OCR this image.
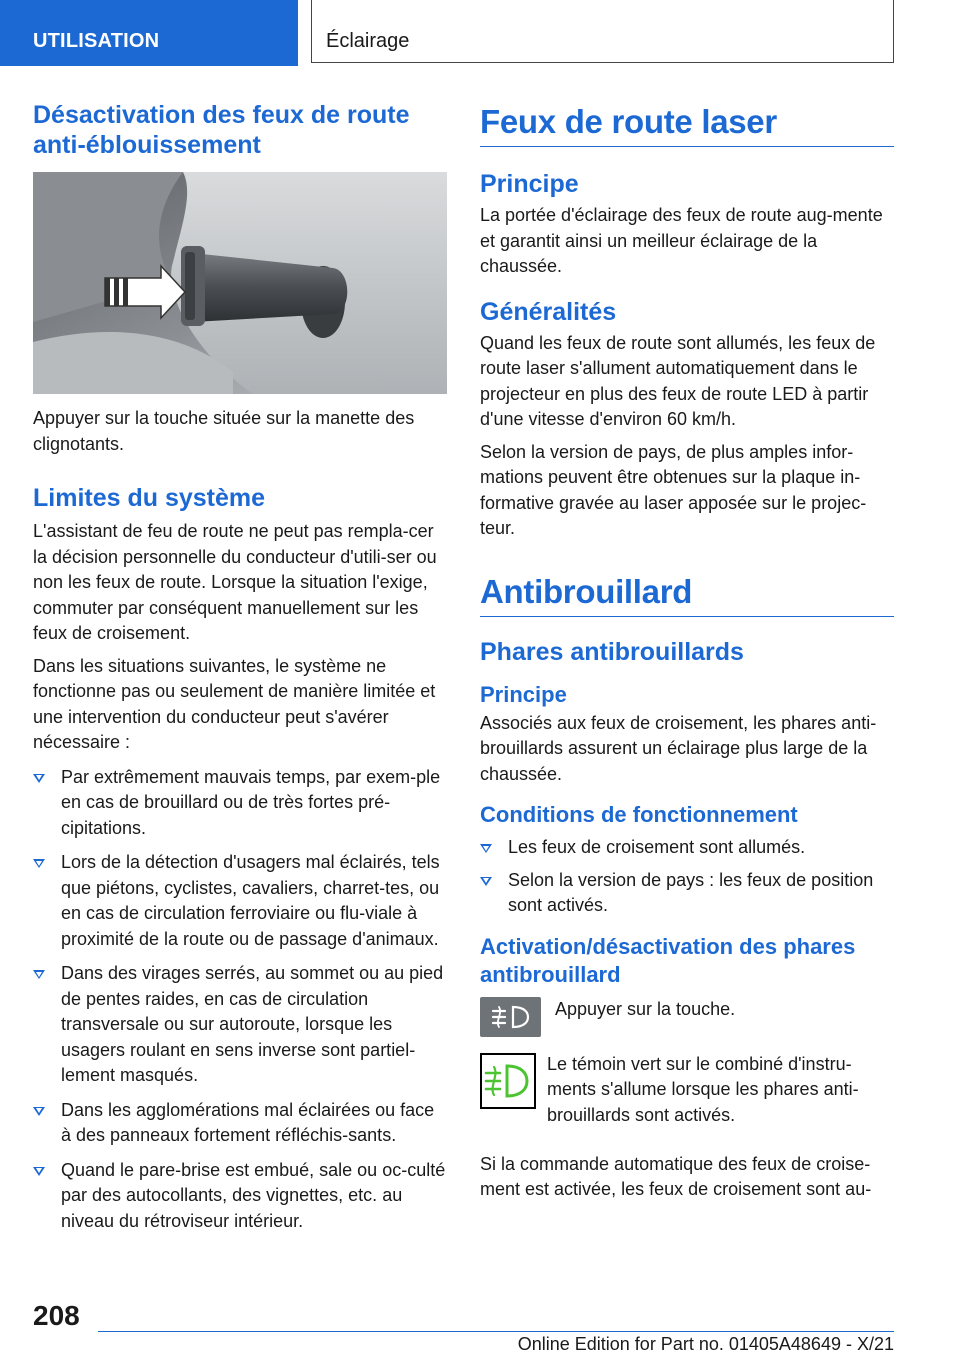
UTILISATION	Éclairage
Désactivation des feux de route anti-éblouissement

Appuyer sur la touche située sur la manette des clignotants.

Limites du système

L'assistant de feu de route ne peut pas rempla-cer la décision personnelle du conducteur d'utili-ser ou non les feux de route. Lorsque la situation l'exige, commuter par conséquent manuellement sur les feux de croisement.

Dans les situations suivantes, le système ne fonctionne pas ou seulement de manière limitée et une intervention du conducteur peut s'avérer nécessaire :

Par extrêmement mauvais temps, par exem-ple en cas de brouillard ou de très fortes pré-cipitations.
Lors de la détection d'usagers mal éclairés, tels que piétons, cyclistes, cavaliers, charret-tes, ou en cas de circulation ferroviaire ou flu-viale à proximité de la route ou de passage d'animaux.
Dans des virages serrés, au sommet ou au pied de pentes raides, en cas de circulation transversale ou sur autoroute, lorsque les usagers roulant en sens inverse sont partiel-lement masqués.
Dans les agglomérations mal éclairées ou face à des panneaux fortement réfléchis-sants.
Quand le pare-brise est embué, sale ou oc-culté par des autocollants, des vignettes, etc. au niveau du rétroviseur intérieur.
Feux de route laser
Principe

La portée d'éclairage des feux de route aug-mente et garantit ainsi un meilleur éclairage de la chaussée.

Généralités

Quand les feux de route sont allumés, les feux de route laser s'allument automatiquement dans le projecteur en plus des feux de route LED à partir d'une vitesse d'environ 60 km/h.

Selon la version de pays, de plus amples infor-mations peuvent être obtenues sur la plaque in-formative gravée au laser apposée sur le projec-teur.

Antibrouillard
Phares antibrouillards
Principe

Associés aux feux de croisement, les phares anti-brouillards assurent un éclairage plus large de la chaussée.

Conditions de fonctionnement
Les feux de croisement sont allumés.
Selon la version de pays : les feux de position sont activés.
Activation/désactivation des phares antibrouillard

Appuyer sur la touche.

Le témoin vert sur le combiné d'instru-ments s'allume lorsque les phares anti-brouillards sont activés.

Si la commande automatique des feux de croise-ment est activée, les feux de croisement sont au-

208
Online Edition for Part no. 01405A48649 - X/21
